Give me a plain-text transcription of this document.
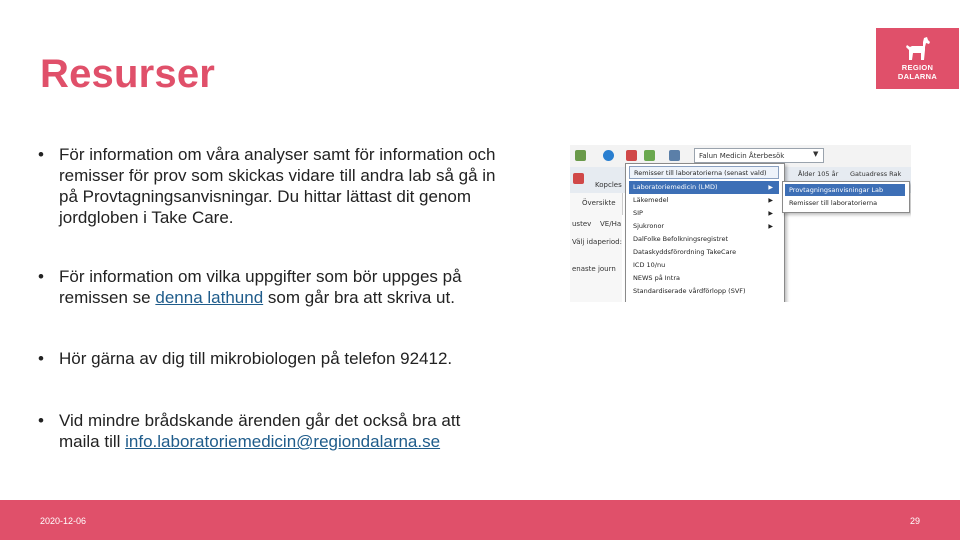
Resurser	REGION
DALARNA
• För information om våra analyser samt för information och
remisser för prov som skickas vidare till andra lab så gå in
på Provtagningsanvisningar. Du hittar lättast dit genom
jordgloben i Take Care.
• För information om vilka uppgifter som bör uppges på
remissen se denna lathund som går bra att skriva ut.
• Hör gärna av dig till mikrobiologen på telefon 92412.
• Vid mindre brådskande ärenden går det också bra att
maila till info.laboratoriemedicin@regiondalarna.se
Falun Medicin Återbesök	▼
Kopcles
Ålder 105 år Gatuadress Rak
Översikte
ustev VE/Ha
Välj idaperiod:
enaste journ
Remisser till laboratorierna (senast vald)
Laboratoriemedicin (LMD)	▶
Läkemedel	▶
SIP	▶
Sjukronor	▶
DalFolke Befolkningsregistret
Dataskyddsförordning TakeCare
ICD 10/nu
NEWS på Intra
Standardiserade vårdförlopp (SVF)
Provtagningsanvisningar Lab
Remisser till laboratorierna
2020-12-06	29
